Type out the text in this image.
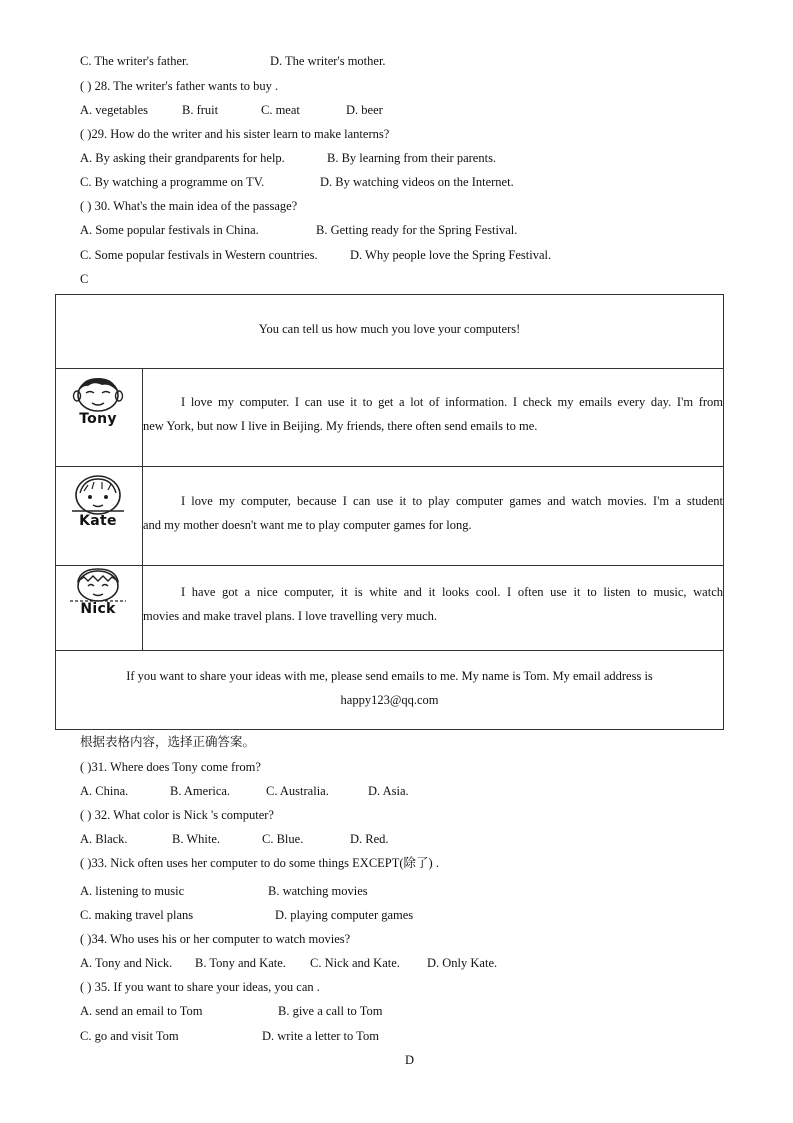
C. The writer's father.	D. The writer's mother.
( ) 28. The writer's father wants to buy .
A. vegetables	B. fruit	C. meat	D. beer
( )29. How do the writer and his sister learn to make lanterns?
A. By asking their grandparents for help.	B. By learning from their parents.
C. By watching a programme on TV.	D. By watching videos on the Internet.
( ) 30. What's the main idea of the passage?
A. Some popular festivals in China.	B. Getting ready for the Spring Festival.
C. Some popular festivals in Western countries.	D. Why people love the Spring Festival.
C
You can tell us how much you love your computers!
Tony
I love my computer. I can use it to get a lot of information. I check my emails every day. I'm from
new York, but now I live in Beijing. My friends, there often send emails to me.
Kate
I love my computer, because I can use it to play computer games and watch movies. I'm a student
and my mother doesn't want me to play computer games for long.
Nick
I have got a nice computer, it is white and it looks cool. I often use it to listen to music, watch
movies and make travel plans. I love travelling very much.
If you want to share your ideas with me, please send emails to me. My name is Tom. My email address is
happy123@qq.com
根据表格内容，选择正确答案。
( )31. Where does Tony come from?
A. China.	B. America.	C. Australia.	D. Asia.
( ) 32. What color is Nick 's computer?
A. Black.	B. White.	C. Blue.	D. Red.
( )33. Nick often uses her computer to do some things EXCEPT(除了) .
A. listening to music	B. watching movies
C. making travel plans	D. playing computer games
( )34. Who uses his or her computer to watch movies?
A. Tony and Nick. B. Tony and Kate. C. Nick and Kate. D. Only Kate.
( ) 35. If you want to share your ideas, you can .
A. send an email to Tom	B. give a call to Tom
C. go and visit Tom	D. write a letter to Tom
D
